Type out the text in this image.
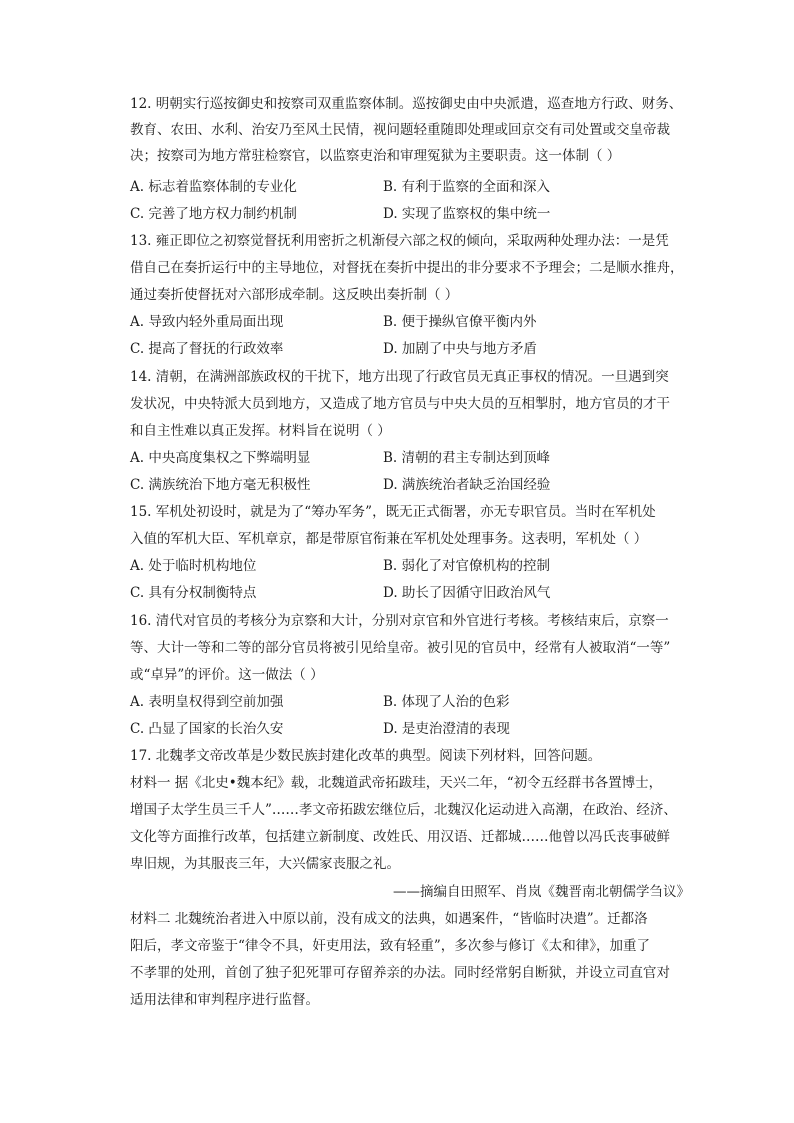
12. 明朝实行巡按御史和按察司双重监察体制。巡按御史由中央派遣，巡查地方行政、财务、
教育、农田、水利、治安乃至风土民情，视问题轻重随即处理或回京交有司处置或交皇帝裁
决；按察司为地方常驻检察官，以监察吏治和审理冤狱为主要职责。这一体制（ ）
A. 标志着监察体制的专业化	B. 有利于监察的全面和深入
C. 完善了地方权力制约机制	D. 实现了监察权的集中统一
13. 雍正即位之初察觉督抚利用密折之机渐侵六部之权的倾向，采取两种处理办法：一是凭
借自己在奏折运行中的主导地位，对督抚在奏折中提出的非分要求不予理会；二是顺水推舟，
通过奏折使督抚对六部形成牵制。这反映出奏折制（ ）
A. 导致内轻外重局面出现	B. 便于操纵官僚平衡内外
C. 提高了督抚的行政效率	D. 加剧了中央与地方矛盾
14. 清朝，在满洲部族政权的干扰下，地方出现了行政官员无真正事权的情况。一旦遇到突
发状况，中央特派大员到地方，又造成了地方官员与中央大员的互相掣肘，地方官员的才干
和自主性难以真正发挥。材料旨在说明（ ）
A. 中央高度集权之下弊端明显	B. 清朝的君主专制达到顶峰
C. 满族统治下地方毫无积极性	D. 满族统治者缺乏治国经验
15. 军机处初设时，就是为了“筹办军务”，既无正式衙署，亦无专职官员。当时在军机处
入值的军机大臣、军机章京，都是带原官衔兼在军机处处理事务。这表明，军机处（ ）
A. 处于临时机构地位	B. 弱化了对官僚机构的控制
C. 具有分权制衡特点	D. 助长了因循守旧政治风气
16. 清代对官员的考核分为京察和大计，分别对京官和外官进行考核。考核结束后，京察一
等、大计一等和二等的部分官员将被引见给皇帝。被引见的官员中，经常有人被取消“一等”
或“卓异”的评价。这一做法（ ）
A. 表明皇权得到空前加强	B. 体现了人治的色彩
C. 凸显了国家的长治久安	D. 是吏治澄清的表现
17. 北魏孝文帝改革是少数民族封建化改革的典型。阅读下列材料，回答问题。
材料一 据《北史•魏本纪》载，北魏道武帝拓跋珪，天兴二年，“初令五经群书各置博士，
增国子太学生员三千人”……孝文帝拓跋宏继位后，北魏汉化运动进入高潮，在政治、经济、
文化等方面推行改革，包括建立新制度、改姓氏、用汉语、迁都城……他曾以冯氏丧事破鲜
卑旧规，为其服丧三年，大兴儒家丧服之礼。
——摘编自田照军、肖岚《魏晋南北朝儒学刍议》
材料二 北魏统治者进入中原以前，没有成文的法典，如遇案件，“皆临时决遣”。迁都洛
阳后，孝文帝鉴于“律令不具，奸吏用法，致有轻重”，多次参与修订《太和律》，加重了
不孝罪的处刑，首创了独子犯死罪可存留养亲的办法。同时经常躬自断狱，并设立司直官对
适用法律和审判程序进行监督。
